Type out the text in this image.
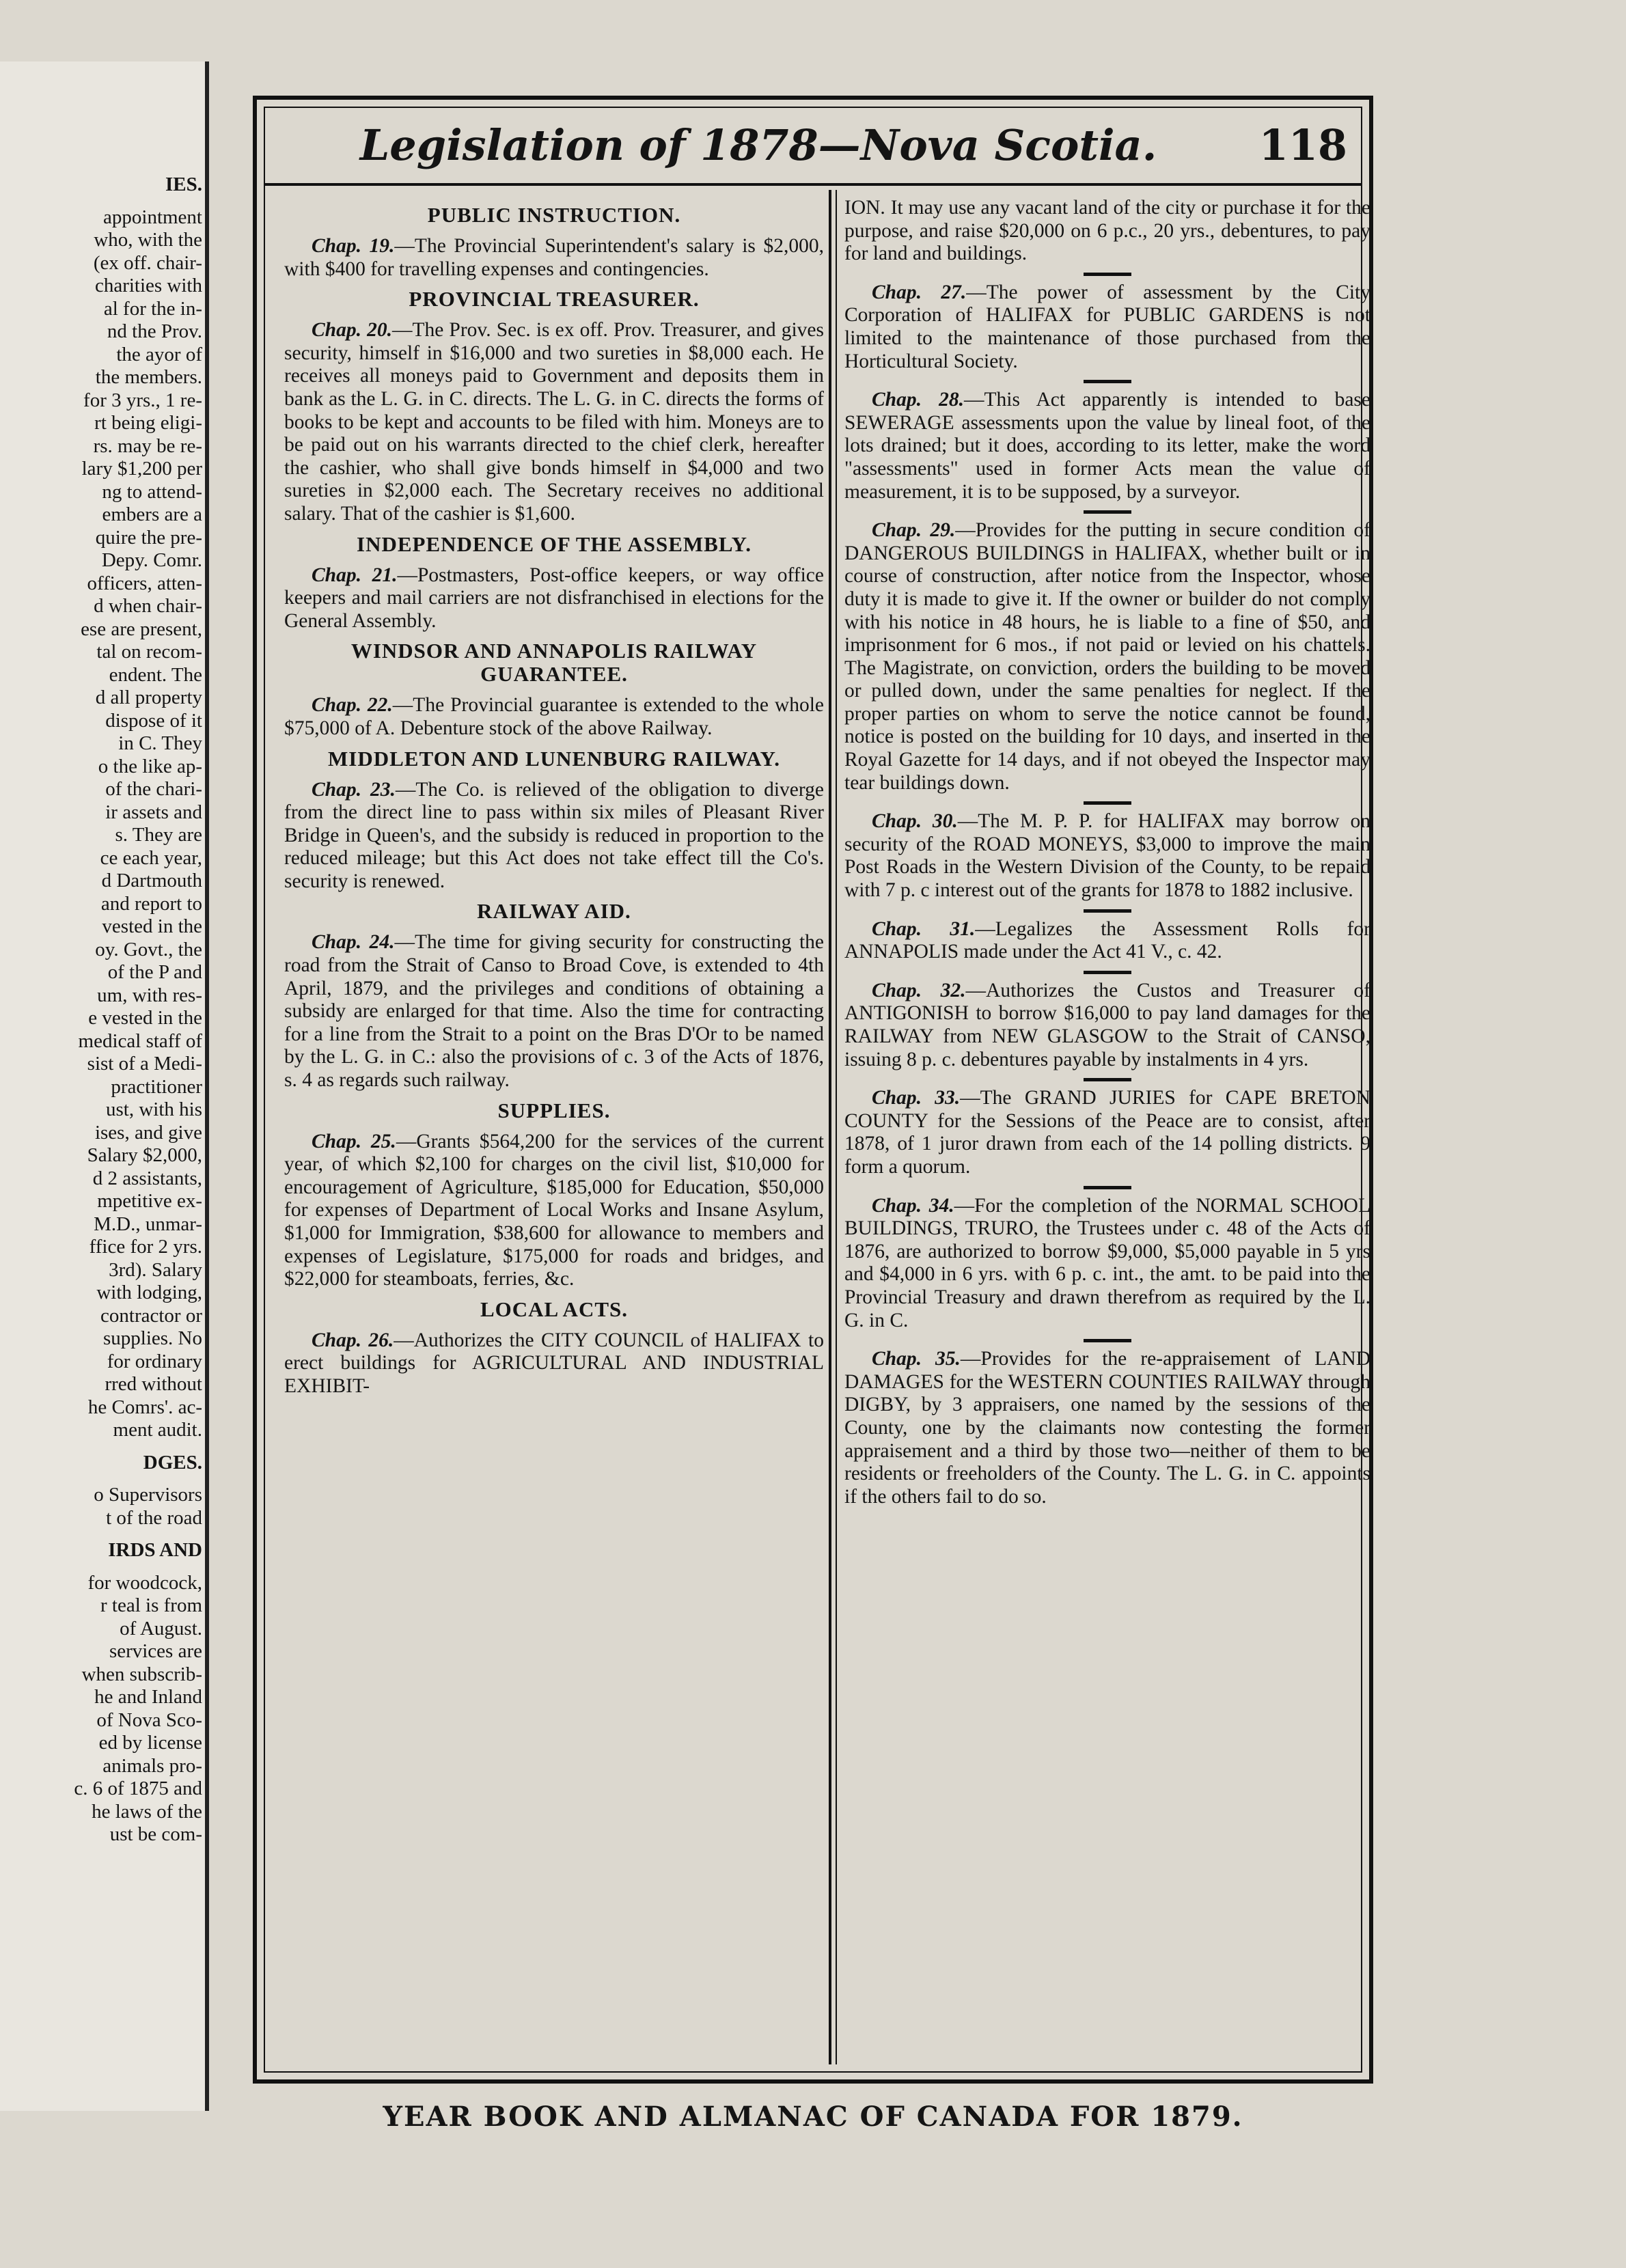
IES.
appointment
who, with the
(ex off. chair-
charities with
al for the in-
nd the Prov.
the ayor of
the members.
for 3 yrs., 1 re-
rt being eligi-
rs. may be re-
lary $1,200 per
ng to attend-
embers are a
quire the pre-
Depy. Comr.
officers, atten-
d when chair-
ese are present,
tal on recom-
endent. The
d all property
dispose of it
in C. They
o the like ap-
of the chari-
ir assets and
s. They are
ce each year,
d Dartmouth
and report to
vested in the
oy. Govt., the
of the P and
um, with res-
e vested in the
medical staff of
sist of a Medi-
practitioner
ust, with his
ises, and give
Salary $2,000,
d 2 assistants,
mpetitive ex-
M.D., unmar-
ffice for 2 yrs.
3rd). Salary
with lodging,
contractor or
supplies. No
for ordinary
rred without
he Comrs'. ac-
ment audit.
DGES.
o Supervisors
t of the road
IRDS AND
for woodcock,
r teal is from
of August.
services are
when subscrib-
he and Inland
of Nova Sco-
ed by license
animals pro-
c. 6 of 1875 and
he laws of the
ust be com-
Legislation of 1878—Nova Scotia.	118
PUBLIC INSTRUCTION.

Chap. 19.—The Provincial Superintendent's salary is $2,000, with $400 for travelling expenses and contingencies.

PROVINCIAL TREASURER.

Chap. 20.—The Prov. Sec. is ex off. Prov. Treasurer, and gives security, himself in $16,000 and two sureties in $8,000 each. He receives all moneys paid to Government and deposits them in bank as the L. G. in C. directs. The L. G. in C. directs the forms of books to be kept and accounts to be filed with him. Moneys are to be paid out on his warrants directed to the chief clerk, hereafter the cashier, who shall give bonds himself in $4,000 and two sureties in $2,000 each. The Secretary receives no additional salary. That of the cashier is $1,600.

INDEPENDENCE OF THE ASSEMBLY.

Chap. 21.—Postmasters, Post-office keepers, or way office keepers and mail carriers are not disfranchised in elections for the General Assembly.

WINDSOR AND ANNAPOLIS RAILWAY GUARANTEE.

Chap. 22.—The Provincial guarantee is extended to the whole $75,000 of A. Debenture stock of the above Railway.

MIDDLETON AND LUNENBURG RAILWAY.

Chap. 23.—The Co. is relieved of the obligation to diverge from the direct line to pass within six miles of Pleasant River Bridge in Queen's, and the subsidy is reduced in proportion to the reduced mileage; but this Act does not take effect till the Co's. security is renewed.

RAILWAY AID.

Chap. 24.—The time for giving security for constructing the road from the Strait of Canso to Broad Cove, is extended to 4th April, 1879, and the privileges and conditions of obtaining a subsidy are enlarged for that time. Also the time for contracting for a line from the Strait to a point on the Bras D'Or to be named by the L. G. in C.: also the provisions of c. 3 of the Acts of 1876, s. 4 as regards such railway.

SUPPLIES.

Chap. 25.—Grants $564,200 for the services of the current year, of which $2,100 for charges on the civil list, $10,000 for encouragement of Agriculture, $185,000 for Education, $50,000 for expenses of Department of Local Works and Insane Asylum, $1,000 for Immigration, $38,600 for allowance to members and expenses of Legislature, $175,000 for roads and bridges, and $22,000 for steamboats, ferries, &c.

LOCAL ACTS.

Chap. 26.—Authorizes the CITY COUNCIL of HALIFAX to erect buildings for AGRICULTURAL AND INDUSTRIAL EXHIBIT-

ION. It may use any vacant land of the city or purchase it for the purpose, and raise $20,000 on 6 p.c., 20 yrs., debentures, to pay for land and buildings.

Chap. 27.—The power of assessment by the City Corporation of HALIFAX for PUBLIC GARDENS is not limited to the maintenance of those purchased from the Horticultural Society.

Chap. 28.—This Act apparently is intended to base SEWERAGE assessments upon the value by lineal foot, of the lots drained; but it does, according to its letter, make the word "assessments" used in former Acts mean the value of measurement, it is to be supposed, by a surveyor.

Chap. 29.—Provides for the putting in secure condition of DANGEROUS BUILDINGS in HALIFAX, whether built or in course of construction, after notice from the Inspector, whose duty it is made to give it. If the owner or builder do not comply with his notice in 48 hours, he is liable to a fine of $50, and imprisonment for 6 mos., if not paid or levied on his chattels. The Magistrate, on conviction, orders the building to be moved or pulled down, under the same penalties for neglect. If the proper parties on whom to serve the notice cannot be found, notice is posted on the building for 10 days, and inserted in the Royal Gazette for 14 days, and if not obeyed the Inspector may tear buildings down.

Chap. 30.—The M. P. P. for HALIFAX may borrow on security of the ROAD MONEYS, $3,000 to improve the main Post Roads in the Western Division of the County, to be repaid with 7 p. c interest out of the grants for 1878 to 1882 inclusive.

Chap. 31.—Legalizes the Assessment Rolls for ANNAPOLIS made under the Act 41 V., c. 42.

Chap. 32.—Authorizes the Custos and Treasurer of ANTIGONISH to borrow $16,000 to pay land damages for the RAILWAY from NEW GLASGOW to the Strait of CANSO, issuing 8 p. c. debentures payable by instalments in 4 yrs.

Chap. 33.—The GRAND JURIES for CAPE BRETON COUNTY for the Sessions of the Peace are to consist, after 1878, of 1 juror drawn from each of the 14 polling districts. 9 form a quorum.

Chap. 34.—For the completion of the NORMAL SCHOOL BUILDINGS, TRURO, the Trustees under c. 48 of the Acts of 1876, are authorized to borrow $9,000, $5,000 payable in 5 yrs and $4,000 in 6 yrs. with 6 p. c. int., the amt. to be paid into the Provincial Treasury and drawn therefrom as required by the L. G. in C.

Chap. 35.—Provides for the re-appraisement of LAND DAMAGES for the WESTERN COUNTIES RAILWAY through DIGBY, by 3 appraisers, one named by the sessions of the County, one by the claimants now contesting the former appraisement and a third by those two—neither of them to be residents or freeholders of the County. The L. G. in C. appoints if the others fail to do so.

YEAR BOOK AND ALMANAC OF CANADA FOR 1879.
